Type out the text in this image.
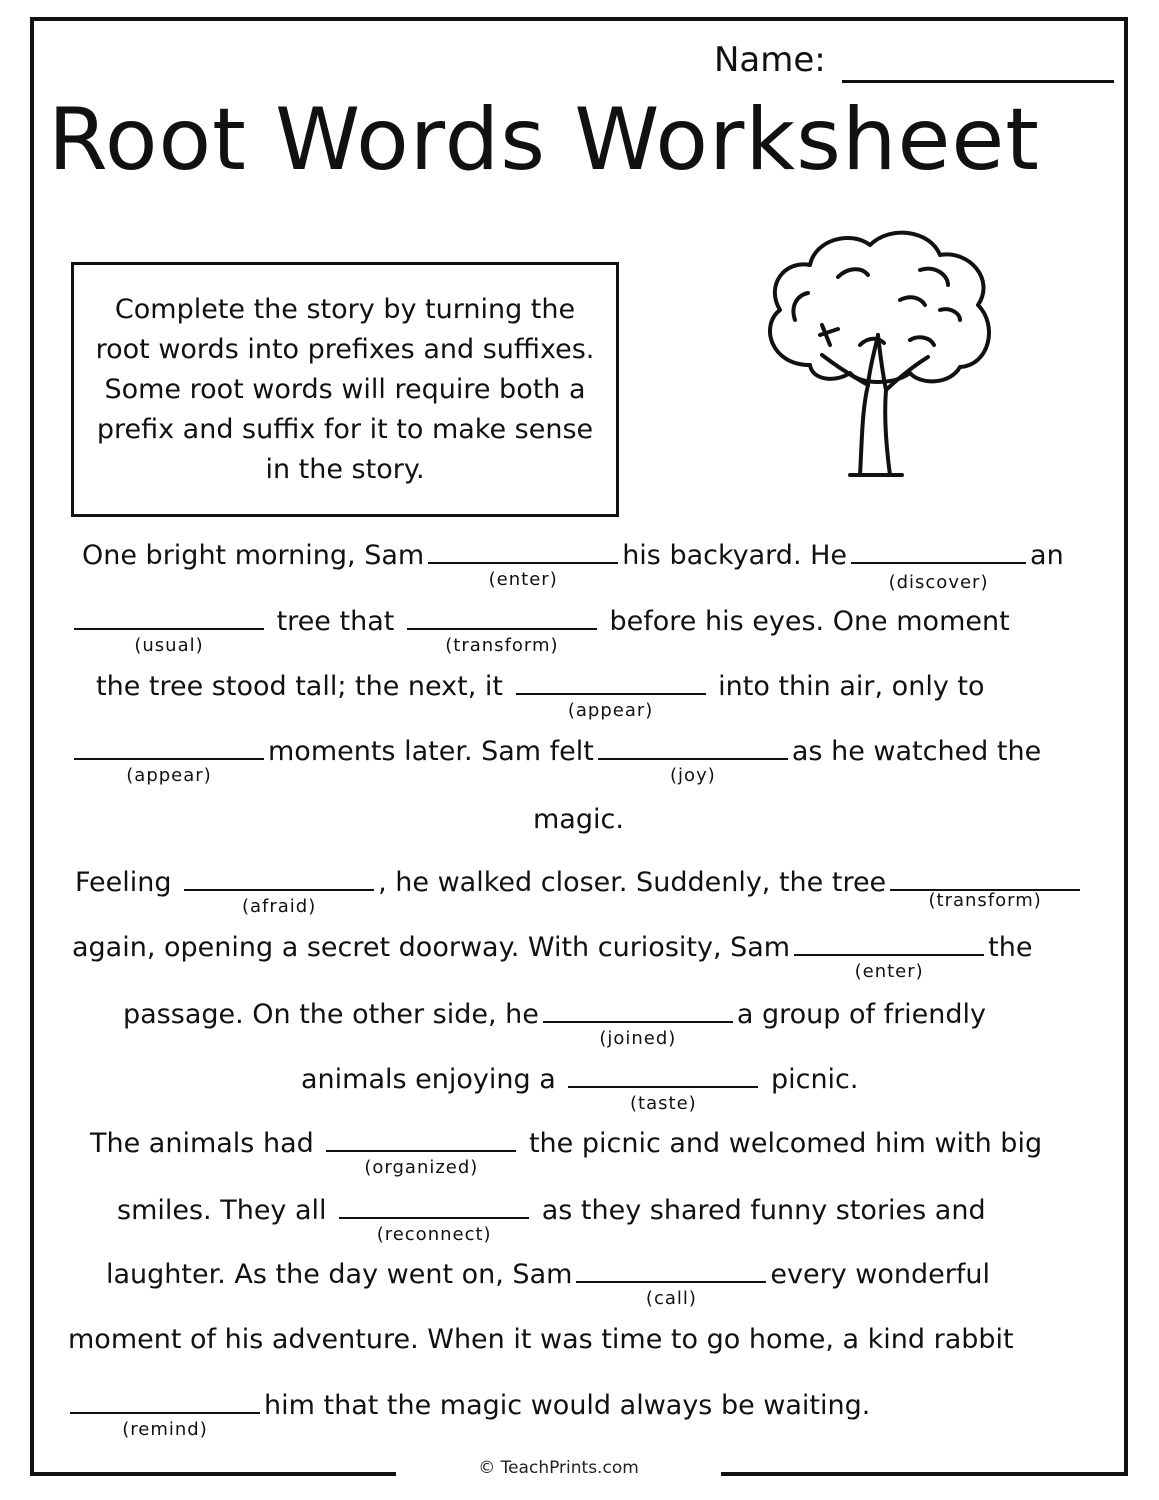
© TeachPrints.com
Name:
Root Words Worksheet
Complete the story by turning the root words into prefixes and suffixes. Some root words will require both a prefix and suffix for it to make sense in the story.
One bright morning, Sam
(enter)
his backyard. He
(discover)
an
(usual)
tree that
(transform)
before his eyes. One moment
the tree stood tall; the next, it
(appear)
into thin air, only to
(appear)
moments later. Sam felt
(joy)
as he watched the
magic.
Feeling
(afraid)
, he walked closer. Suddenly, the tree
(transform)
again, opening a secret doorway. With curiosity, Sam
(enter)
the
passage. On the other side, he
(joined)
a group of friendly
animals enjoying a
(taste)
picnic.
The animals had
(organized)
the picnic and welcomed him with big
smiles. They all
(reconnect)
as they shared funny stories and
laughter. As the day went on, Sam
(call)
every wonderful
moment of his adventure. When it was time to go home, a kind rabbit
(remind)
him that the magic would always be waiting.
